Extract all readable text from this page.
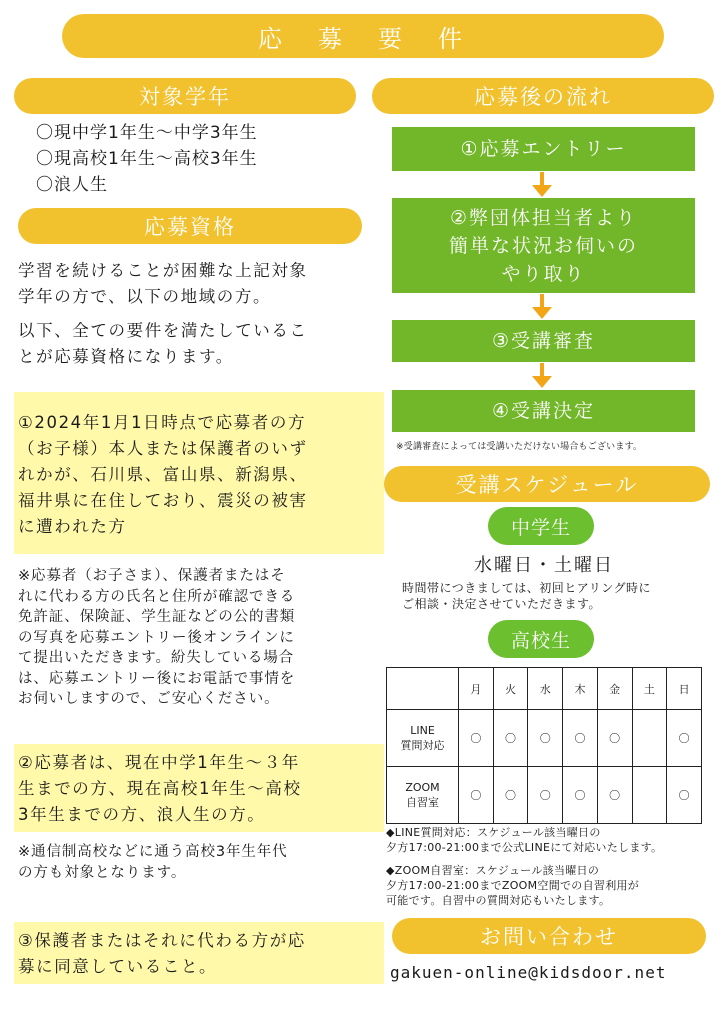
応　募　要　件
対象学年
〇現中学1年生～中学3年生
〇現高校1年生～高校3年生
〇浪人生
応募資格
学習を続けることが困難な上記対象
学年の方で、以下の地域の方。
以下、全ての要件を満たしているこ
とが応募資格になります。
①2024年1月1日時点で応募者の方
（お子様）本人または保護者のいず
れかが、石川県、富山県、新潟県、
福井県に在住しており、震災の被害
に遭われた方
※応募者（お子さま）、保護者またはそ
れに代わる方の氏名と住所が確認できる
免許証、保険証、学生証などの公的書類
の写真を応募エントリー後オンラインに
て提出いただきます。紛失している場合
は、応募エントリー後にお電話で事情を
お伺いしますので、ご安心ください。
②応募者は、現在中学1年生～３年
生までの方、現在高校1年生～高校
3年生までの方、浪人生の方。
※通信制高校などに通う高校3年生年代
の方も対象となります。
③保護者またはそれに代わる方が応
募に同意していること。
応募後の流れ
①応募エントリー
②弊団体担当者より
簡単な状況お伺いの
やり取り
③受講審査
④受講決定
※受講審査によっては受講いただけない場合もございます。
受講スケジュール
中学生
水曜日・土曜日
時間帯につきましては、初回ヒアリング時に
ご相談・決定させていただきます。
高校生
	月	火	水	木	金	土	日

LINE
質問対応	〇	〇	〇	〇	〇		〇

ZOOM
自習室	〇	〇	〇	〇	〇		〇
◆LINE質問対応：スケジュール該当曜日の
夕方17:00-21:00まで公式LINEにて対応いたします。
◆ZOOM自習室：スケジュール該当曜日の
夕方17:00-21:00までZOOM空間での自習利用が
可能です。自習中の質問対応もいたします。
お問い合わせ
gakuen-online@kidsdoor.net
